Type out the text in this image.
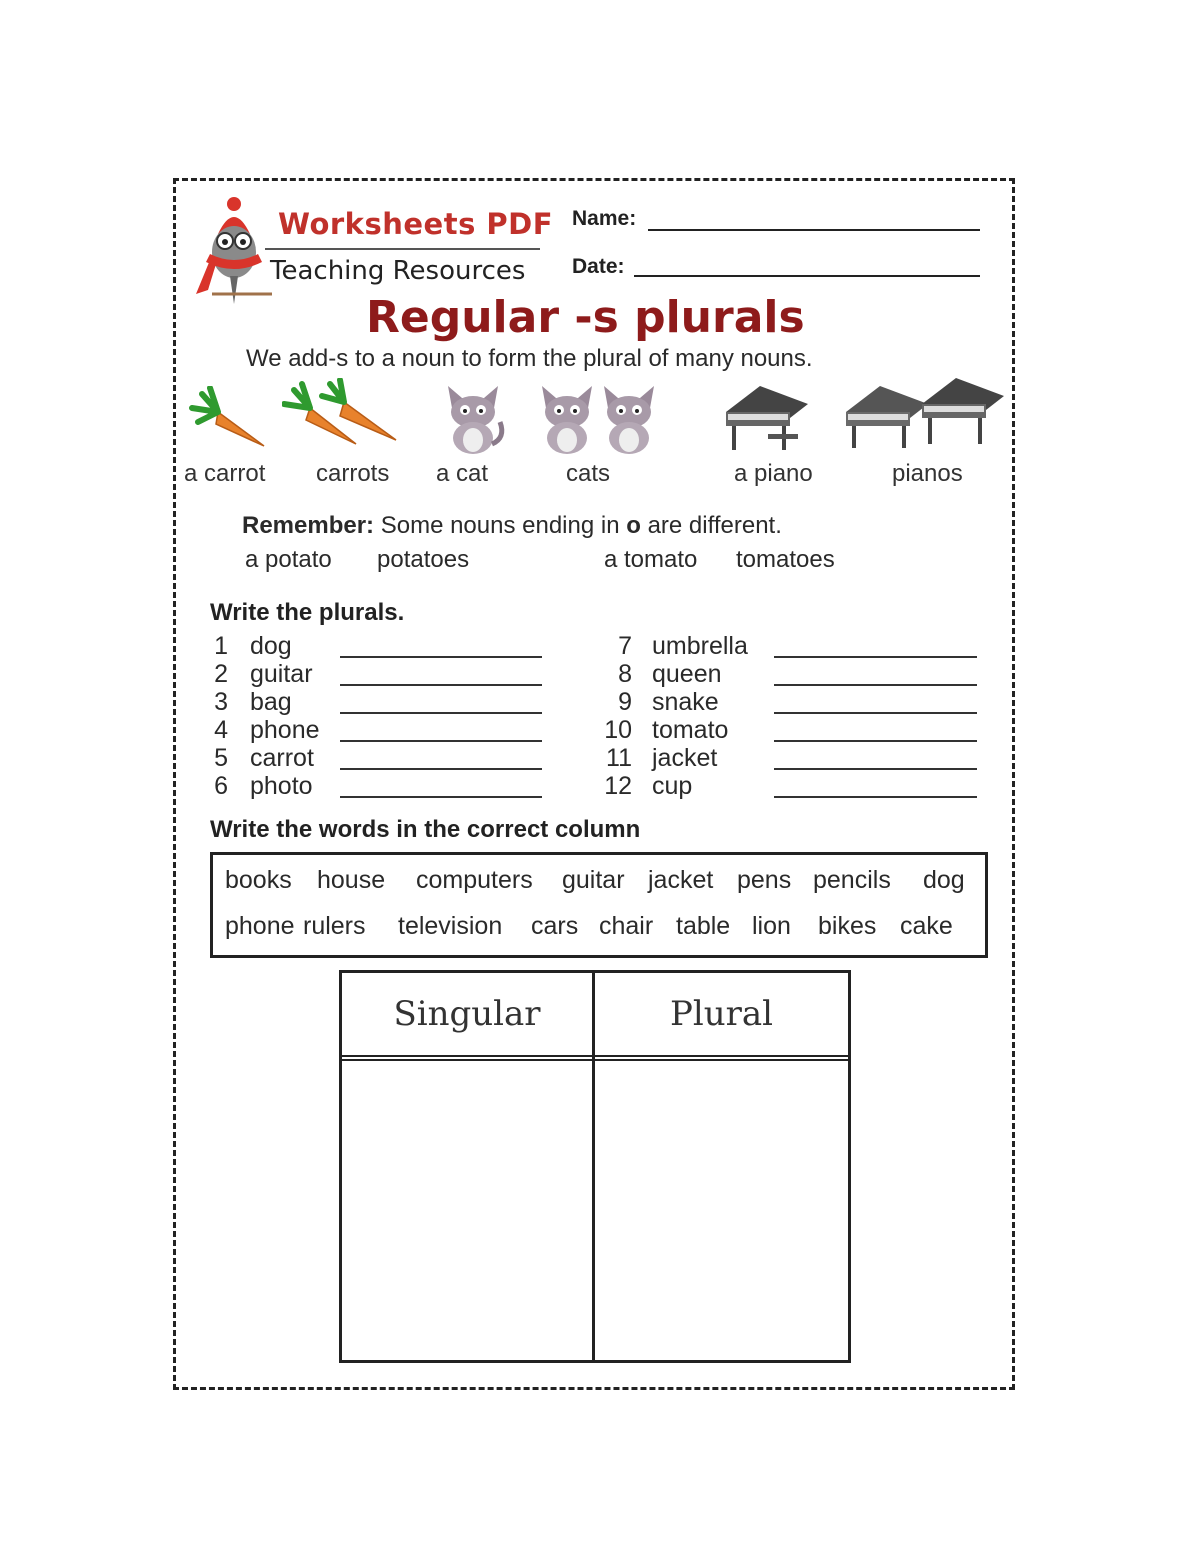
Worksheets PDF
Teaching Resources
Name:
Date:
Regular -s plurals
We add-s to a noun to form the plural of many nouns.
a carrot carrots a cat	cats	a piano	pianos
Remember: Some nouns ending in o are different.
a potato potatoes	a tomato tomatoes
Write the plurals.
1 dog
2 guitar
3 bag
4 phone
5 carrot
6 photo
7 umbrella
8 queen
9 snake
10 tomato
11 jacket
12 cup
Write the words in the correct column
books house computers guitar jacket pens pencils dog
phone rulers television cars chair table lion bikes cake
Singular	Plural
